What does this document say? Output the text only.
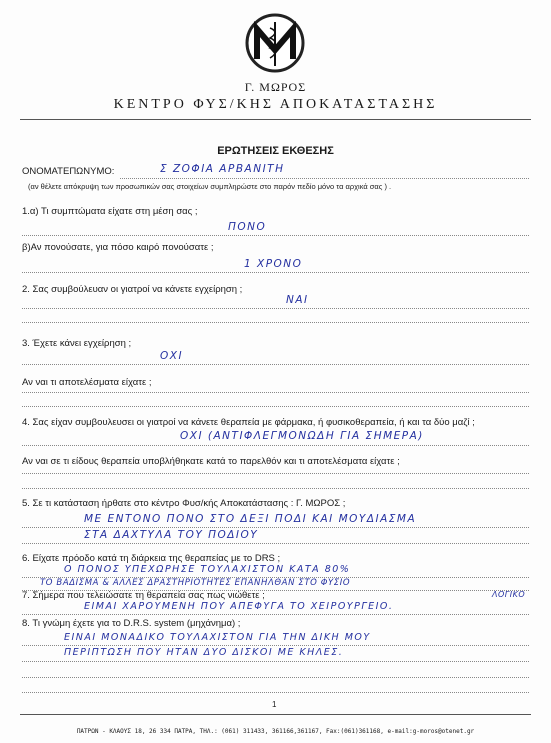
Γ. ΜΩΡΟΣ
ΚΕΝΤΡΟ ΦΥΣ/ΚΗΣ ΑΠΟΚΑΤΑΣΤΑΣΗΣ
ΕΡΩΤΗΣΕΙΣ ΕΚΘΕΣΗΣ
ΟΝΟΜΑΤΕΠΩΝΥΜΟ:	Σ ΖΟΦΙΑ ΑΡΒΑΝΙΤΗ
(αν θέλετε απόκρυψη των προσωπικών σας στοιχείων συμπληρώστε στο παρόν πεδίο μόνο τα αρχικά σας ) .
1.α) Τι συμπτώματα είχατε στη μέση σας ;
ΠΟΝΟ
β)Αν πονούσατε, για πόσο καιρό πονούσατε ;
1 ΧΡΟΝΟ
2. Σας συμβούλευαν οι γιατροί να κάνετε εγχείρηση ;
ΝΑΙ
3. Έχετε κάνει εγχείρηση ;
ΟΧΙ
Αν ναι τι αποτελέσματα είχατε ;
4. Σας είχαν συμβουλευσει οι γιατροί να κάνετε θεραπεία με φάρμακα, ή φυσικοθεραπεία, ή και τα δύο μαζί ;
ΟΧΙ (ΑΝΤΙΦΛΕΓΜΟΝΩΔΗ ΓΙΑ ΣΗΜΕΡΑ)
Αν ναι σε τι είδους θεραπεία υποβλήθηκατε κατά το παρελθόν και τι αποτελέσματα είχατε ;
5. Σε τι κατάσταση ήρθατε στο κέντρο Φυσ/κής Αποκατάστασης : Γ. ΜΩΡΟΣ ;
ΜΕ ΕΝΤΟΝΟ ΠΟΝΟ ΣΤΟ ΔΕΞΙ ΠΟΔΙ ΚΑΙ ΜΟΥΔΙΑΣΜΑ
ΣΤΑ ΔΑΧΤΥΛΑ ΤΟΥ ΠΟΔΙΟΥ
6. Είχατε πρόοδο κατά τη διάρκεια της θεραπείας με το DRS ;
Ο ΠΟΝΟΣ ΥΠΕΧΩΡΗΣΕ ΤΟΥΛΑΧΙΣΤΟΝ ΚΑΤΑ 80%
ΤΟ ΒΑΔΙΣΜΑ & ΑΛΛΕΣ ΔΡΑΣΤΗΡΙΟΤΗΤΕΣ ΕΠΑΝΗΛΘΑΝ ΣΤΟ ΦΥΣΙΟ
7. Σήμερα που τελειώσατε τη θεραπεία σας πως νιώθετε ;	ΛΟΓΙΚΟ
ΕΙΜΑΙ ΧΑΡΟΥΜΕΝΗ ΠΟΥ ΑΠΕΦΥΓΑ ΤΟ ΧΕΙΡΟΥΡΓΕΙΟ.
8. Τι γνώμη έχετε για το D.R.S. system (μηχάνημα) ;
ΕΙΝΑΙ ΜΟΝΑΔΙΚΟ ΤΟΥΛΑΧΙΣΤΟΝ ΓΙΑ ΤΗΝ ΔΙΚΗ ΜΟΥ
ΠΕΡΙΠΤΩΣΗ ΠΟΥ ΗΤΑΝ ΔΥΟ ΔΙΣΚΟΙ ΜΕ ΚΗΛΕΣ.
1
ΠΑΤΡΩΝ - ΚΛΑΟΥΣ 18, 26 334 ΠΑΤΡΑ, ΤΗΛ.: (061) 311433, 361166,361167, Fax:(061)361168, e-mail:g-moros@otenet.gr
